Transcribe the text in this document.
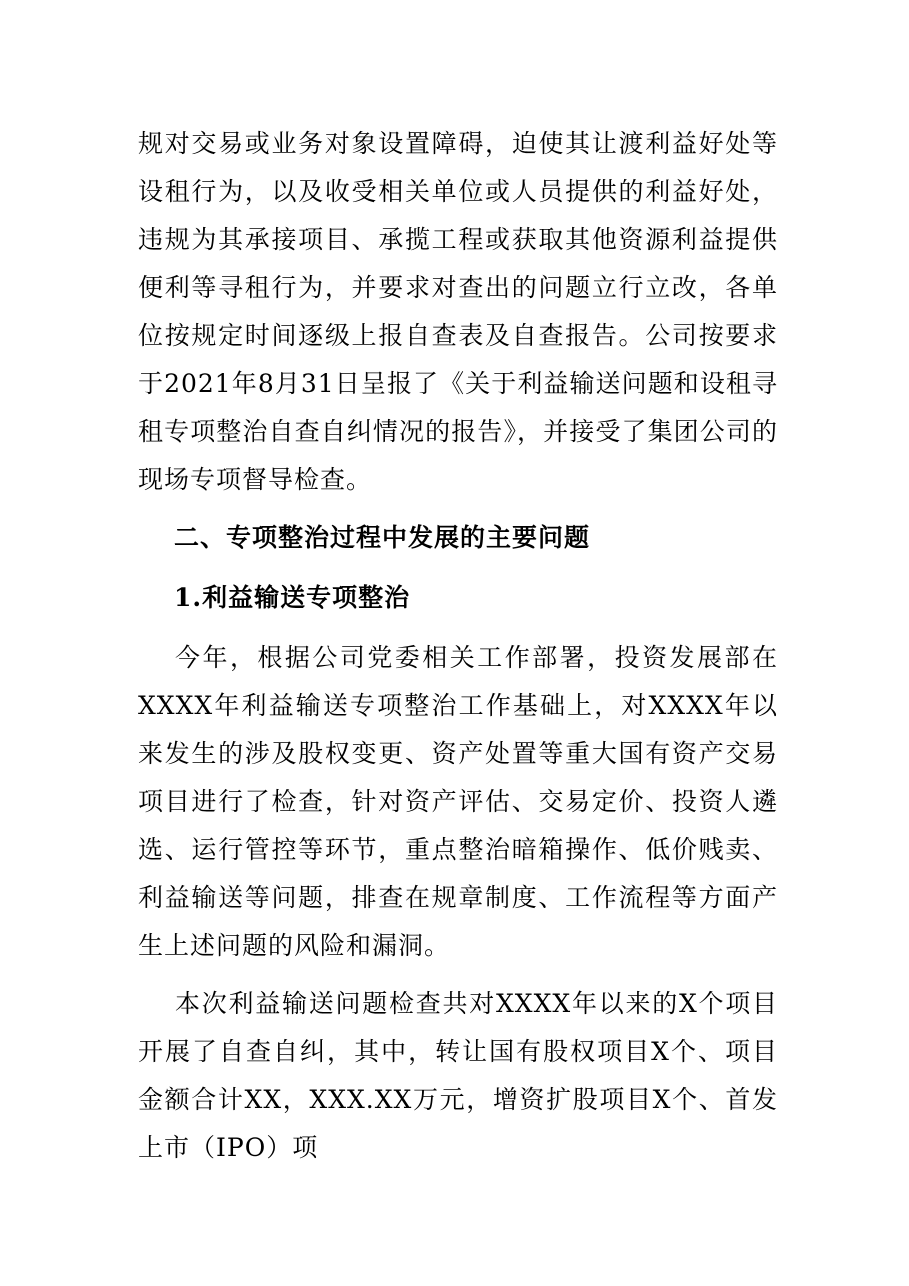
规对交易或业务对象设置障碍，迫使其让渡利益好处等设租行为，以及收受相关单位或人员提供的利益好处，违规为其承接项目、承揽工程或获取其他资源利益提供便利等寻租行为，并要求对查出的问题立行立改，各单位按规定时间逐级上报自查表及自查报告。公司按要求于2021年8月31日呈报了《关于利益输送问题和设租寻租专项整治自查自纠情况的报告》，并接受了集团公司的现场专项督导检查。

二、专项整治过程中发展的主要问题
1.利益输送专项整治

今年，根据公司党委相关工作部署，投资发展部在XXXX年利益输送专项整治工作基础上，对XXXX年以来发生的涉及股权变更、资产处置等重大国有资产交易项目进行了检查，针对资产评估、交易定价、投资人遴选、运行管控等环节，重点整治暗箱操作、低价贱卖、利益输送等问题，排查在规章制度、工作流程等方面产生上述问题的风险和漏洞。

本次利益输送问题检查共对XXXX年以来的X个项目开展了自查自纠，其中，转让国有股权项目X个、项目金额合计XX，XXX.XX万元，增资扩股项目X个、首发上市（IPO）项
